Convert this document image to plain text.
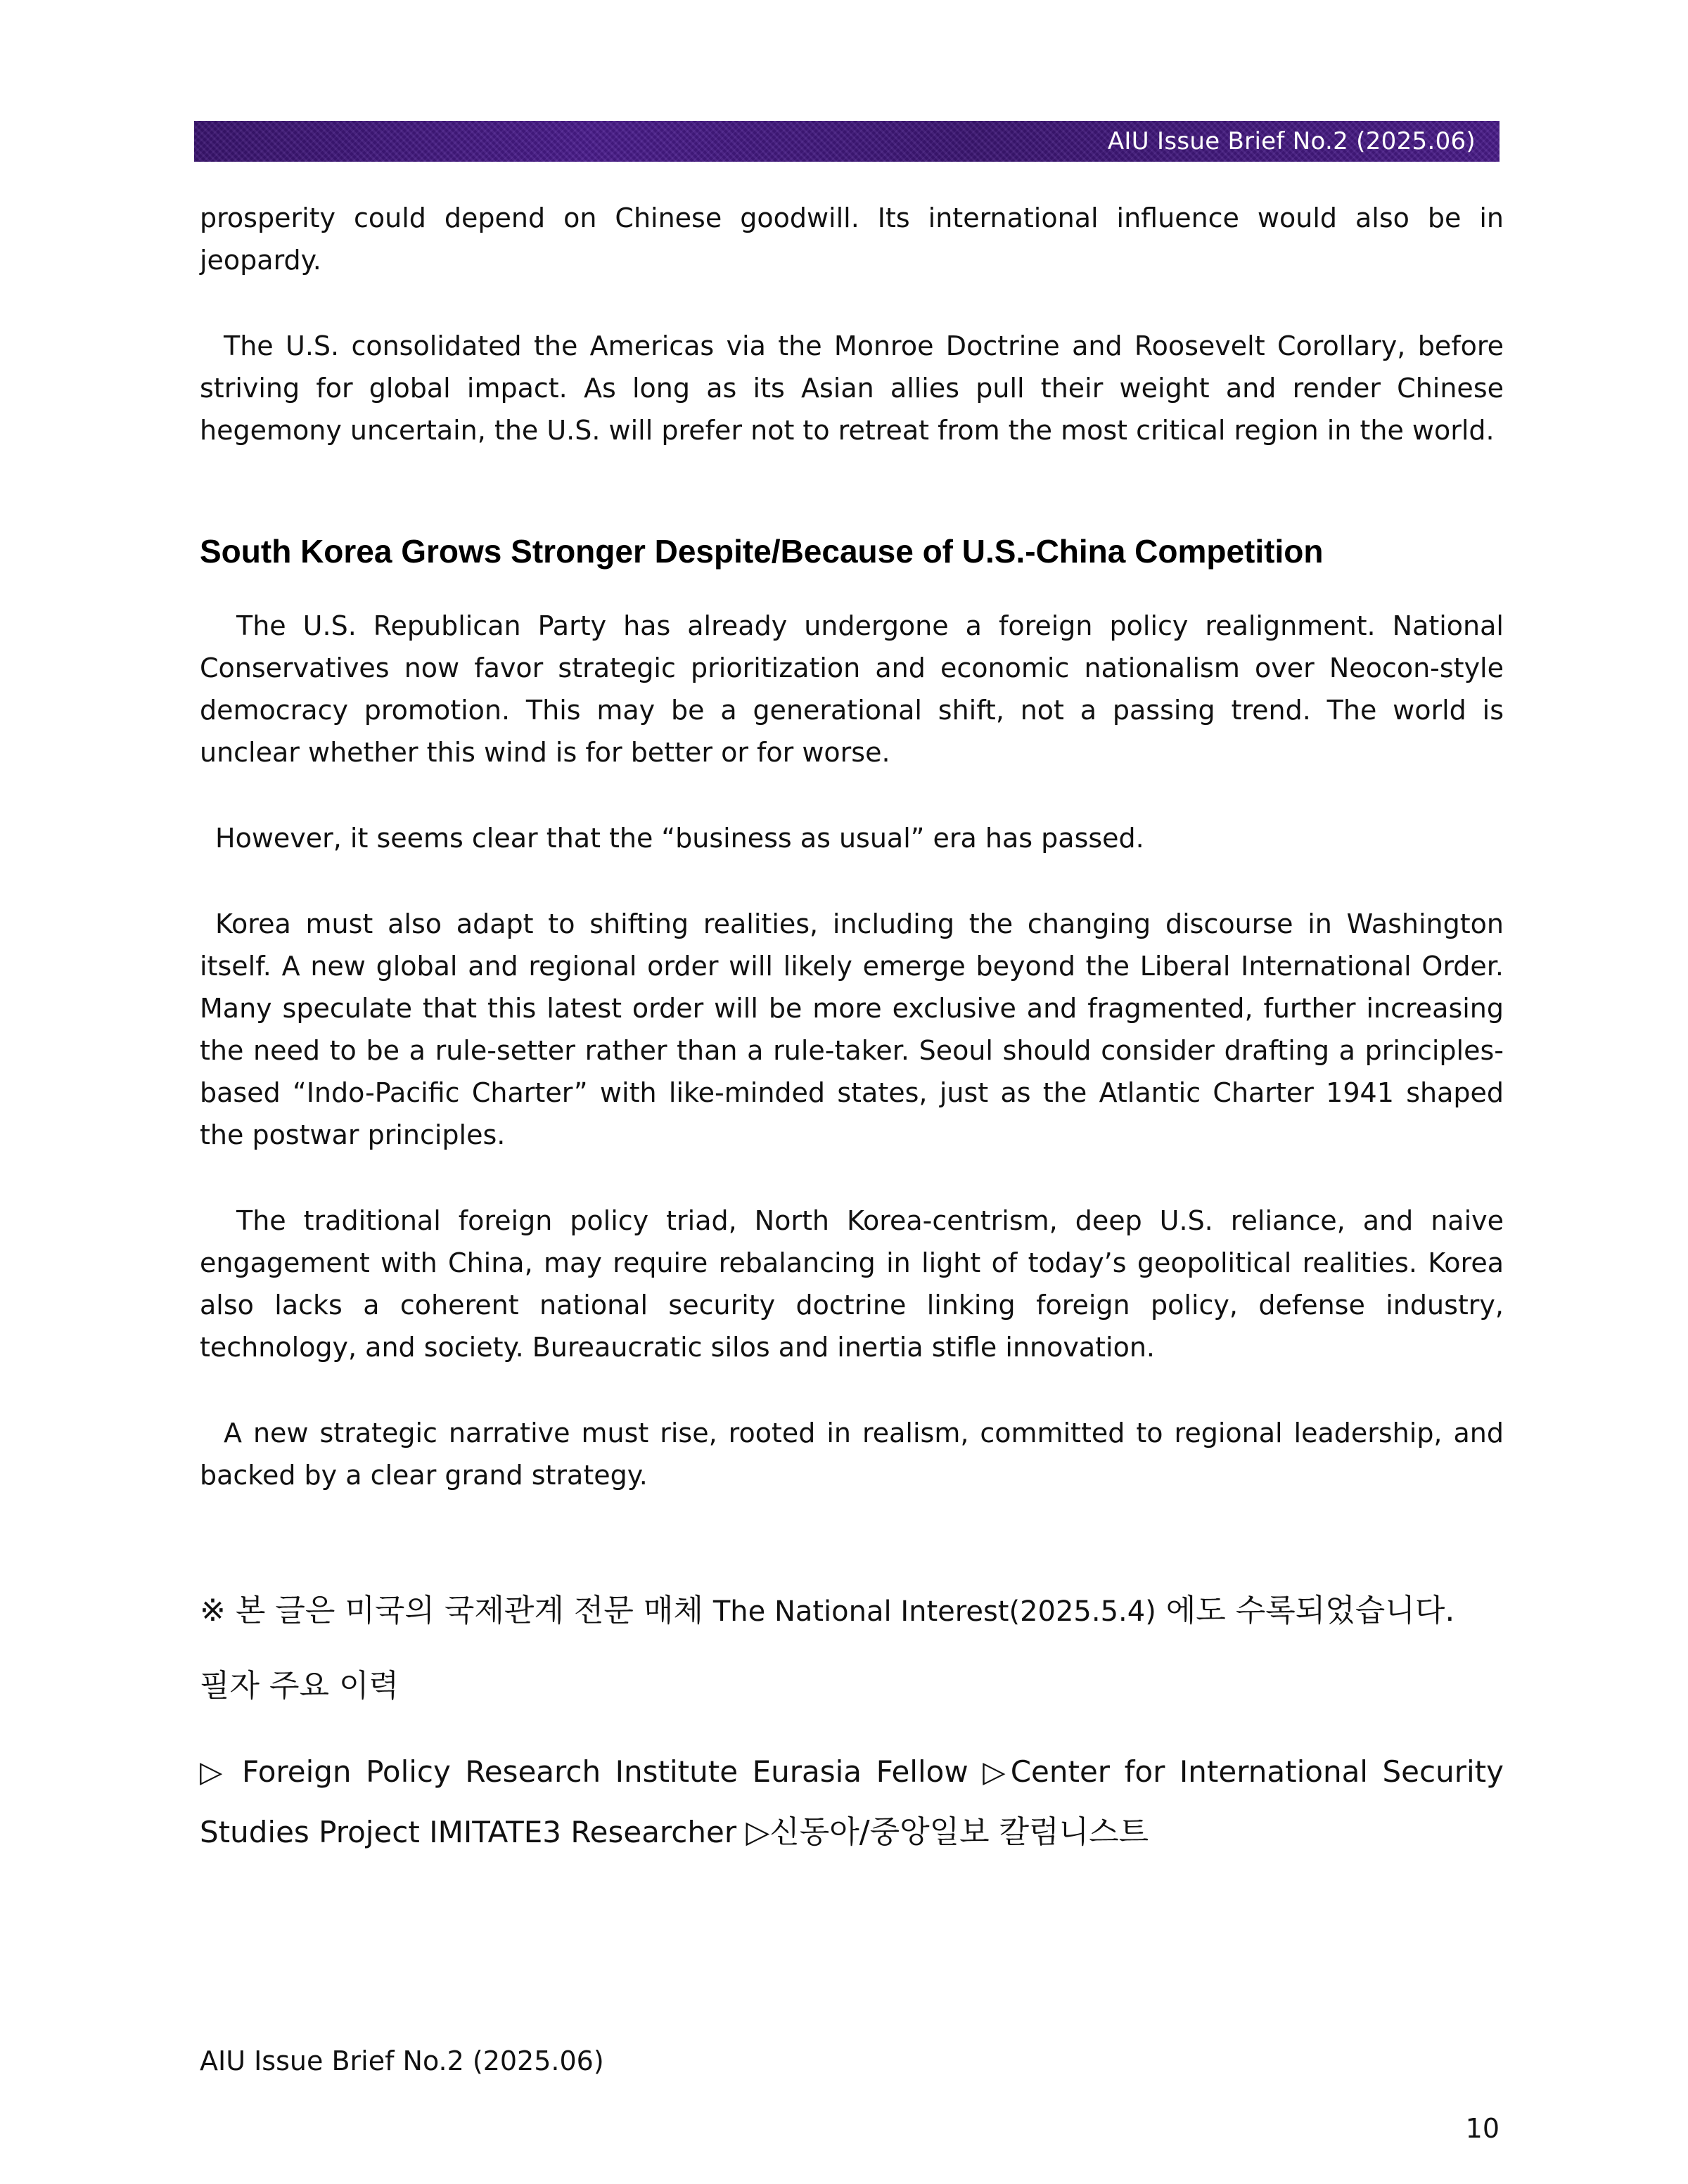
AIU Issue Brief No.2 (2025.06)

prosperity could depend on Chinese goodwill. Its international influence would also be in jeopardy.

The U.S. consolidated the Americas via the Monroe Doctrine and Roosevelt Corollary, before striving for global impact. As long as its Asian allies pull their weight and render Chinese hegemony uncertain, the U.S. will prefer not to retreat from the most critical region in the world.

South Korea Grows Stronger Despite/Because of U.S.-China Competition

The U.S. Republican Party has already undergone a foreign policy realignment. National Conservatives now favor strategic prioritization and economic nationalism over Neocon-style democracy promotion. This may be a generational shift, not a passing trend. The world is unclear whether this wind is for better or for worse.

However, it seems clear that the “business as usual” era has passed.

Korea must also adapt to shifting realities, including the changing discourse in Washington itself. A new global and regional order will likely emerge beyond the Liberal International Order. Many speculate that this latest order will be more exclusive and fragmented, further increasing the need to be a rule-setter rather than a rule-taker. Seoul should consider drafting a principles-based “Indo-Pacific Charter” with like-minded states, just as the Atlantic Charter 1941 shaped the postwar principles.

The traditional foreign policy triad, North Korea-centrism, deep U.S. reliance, and naive engagement with China, may require rebalancing in light of today’s geopolitical realities. Korea also lacks a coherent national security doctrine linking foreign policy, defense industry, technology, and society. Bureaucratic silos and inertia stifle innovation.

A new strategic narrative must rise, rooted in realism, committed to regional leadership, and backed by a clear grand strategy.

※ 본 글은 미국의 국제관계 전문 매체 The National Interest(2025.5.4) 에도 수록되었습니다.

필자 주요 이력

▷ Foreign Policy Research Institute Eurasia Fellow ▷Center for International Security Studies Project IMITATE3 Researcher ▷신동아/중앙일보 칼럼니스트

AIU Issue Brief No.2 (2025.06)
10
